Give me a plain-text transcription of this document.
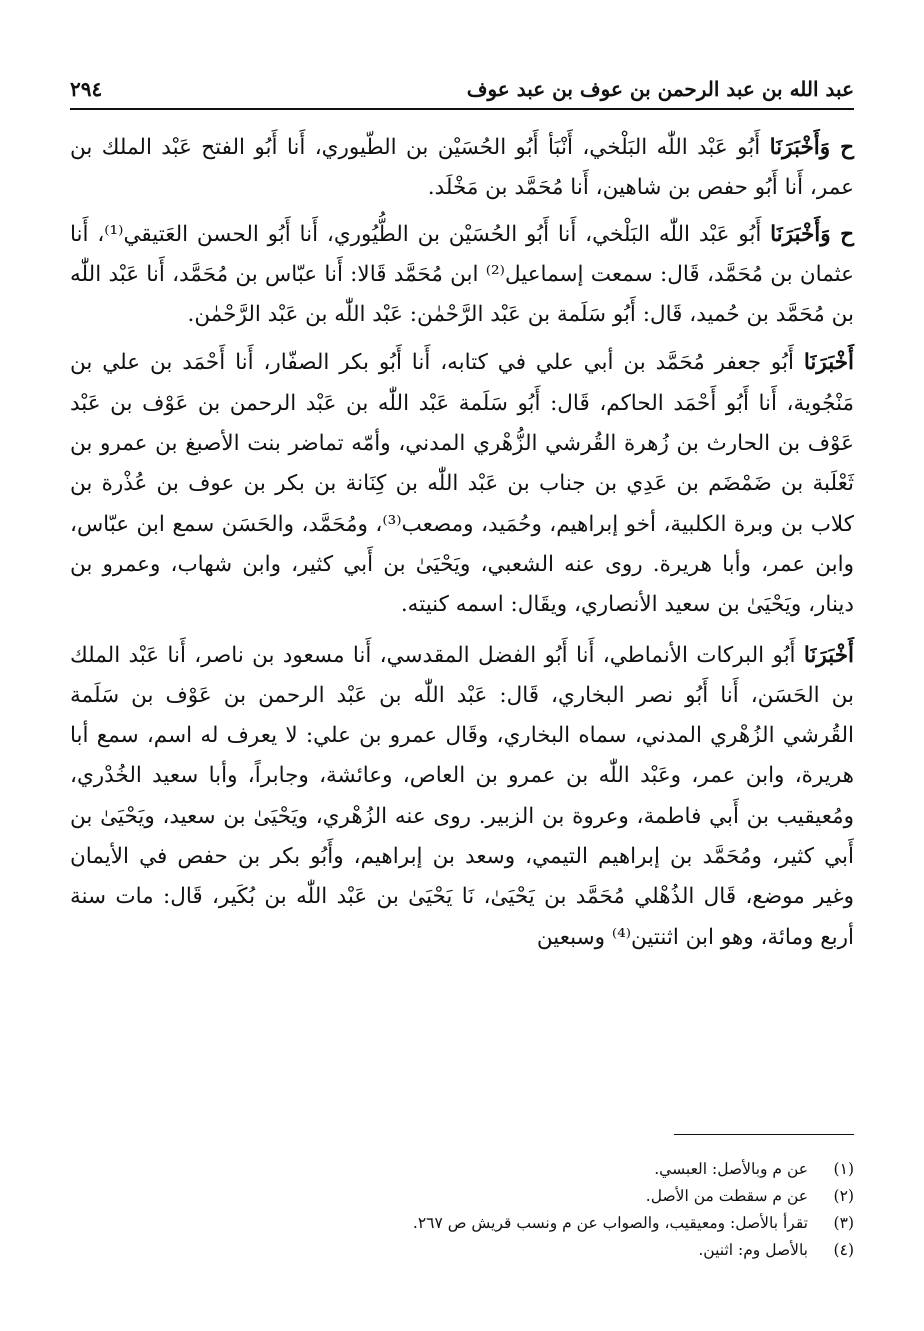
عبد الله بن عبد الرحمن بن عوف بن عبد عوف
٢٩٤

ح وَأَخْبَرَنَا أَبُو عَبْد اللّٰه البَلْخي، أَنْبَأ أَبُو الحُسَيْن بن الطّيوري، أَنا أَبُو الفتح عَبْد الملك بن عمر، أَنا أَبُو حفص بن شاهين، أَنا مُحَمَّد بن مَخْلَد.

ح وَأَخْبَرَنَا أَبُو عَبْد اللّٰه البَلْخي، أَنا أَبُو الحُسَيْن بن الطُّيُوري، أَنا أَبُو الحسن العَتيقي⁽¹⁾، أَنا عثمان بن مُحَمَّد، قَال: سمعت إسماعيل⁽²⁾ ابن مُحَمَّد قَالا: أَنا عبّاس بن مُحَمَّد، أَنا عَبْد اللّٰه بن مُحَمَّد بن حُميد، قَال: أَبُو سَلَمة بن عَبْد الرَّحْمٰن: عَبْد اللّٰه بن عَبْد الرَّحْمٰن.

أَخْبَرَنَا أَبُو جعفر مُحَمَّد بن أبي علي في كتابه، أَنا أَبُو بكر الصفّار، أَنا أَحْمَد بن علي بن مَنْجُوية، أَنا أَبُو أَحْمَد الحاكم، قَال: أَبُو سَلَمة عَبْد اللّٰه بن عَبْد الرحمن بن عَوْف بن عَبْد عَوْف بن الحارث بن زُهرة القُرشي الزُّهْري المدني، وأمّه تماضر بنت الأصبغ بن عمرو بن ثَعْلَبة بن ضَمْضَم بن عَدِي بن جناب بن عَبْد اللّٰه بن كِنَانة بن بكر بن عوف بن عُذْرة بن كلاب بن وبرة الكلبية، أخو إبراهيم، وحُمَيد، ومصعب⁽³⁾، ومُحَمَّد، والحَسَن سمع ابن عبّاس، وابن عمر، وأبا هريرة. روى عنه الشعبي، ويَحْيَىٰ بن أَبي كثير، وابن شهاب، وعمرو بن دينار، ويَحْيَىٰ بن سعيد الأنصاري، ويقَال: اسمه كنيته.

أَخْبَرَنَا أَبُو البركات الأنماطي، أَنا أَبُو الفضل المقدسي، أَنا مسعود بن ناصر، أَنا عَبْد الملك بن الحَسَن، أَنا أَبُو نصر البخاري، قَال: عَبْد اللّٰه بن عَبْد الرحمن بن عَوْف بن سَلَمة القُرشي الزُهْري المدني، سماه البخاري، وقَال عمرو بن علي: لا يعرف له اسم، سمع أبا هريرة، وابن عمر، وعَبْد اللّٰه بن عمرو بن العاص، وعائشة، وجابراً، وأبا سعيد الخُدْري، ومُعيقيب بن أَبي فاطمة، وعروة بن الزبير. روى عنه الزُهْري، ويَحْيَىٰ بن سعيد، ويَحْيَىٰ بن أَبي كثير، ومُحَمَّد بن إبراهيم التيمي، وسعد بن إبراهيم، وأَبُو بكر بن حفص في الأيمان وغير موضع، قَال الذُهْلي مُحَمَّد بن يَحْيَىٰ، نَا يَحْيَىٰ بن عَبْد اللّٰه بن بُكَير، قَال: مات سنة أربع ومائة، وهو ابن اثنتين⁽⁴⁾ وسبعين

(١)
عن م وبالأصل: العبسي.
(٢)
عن م سقطت من الأصل.
(٣)
تقرأ بالأصل: ومعيقيب، والصواب عن م ونسب قريش ص ٢٦٧.
(٤)
بالأصل وم: اثنين.
